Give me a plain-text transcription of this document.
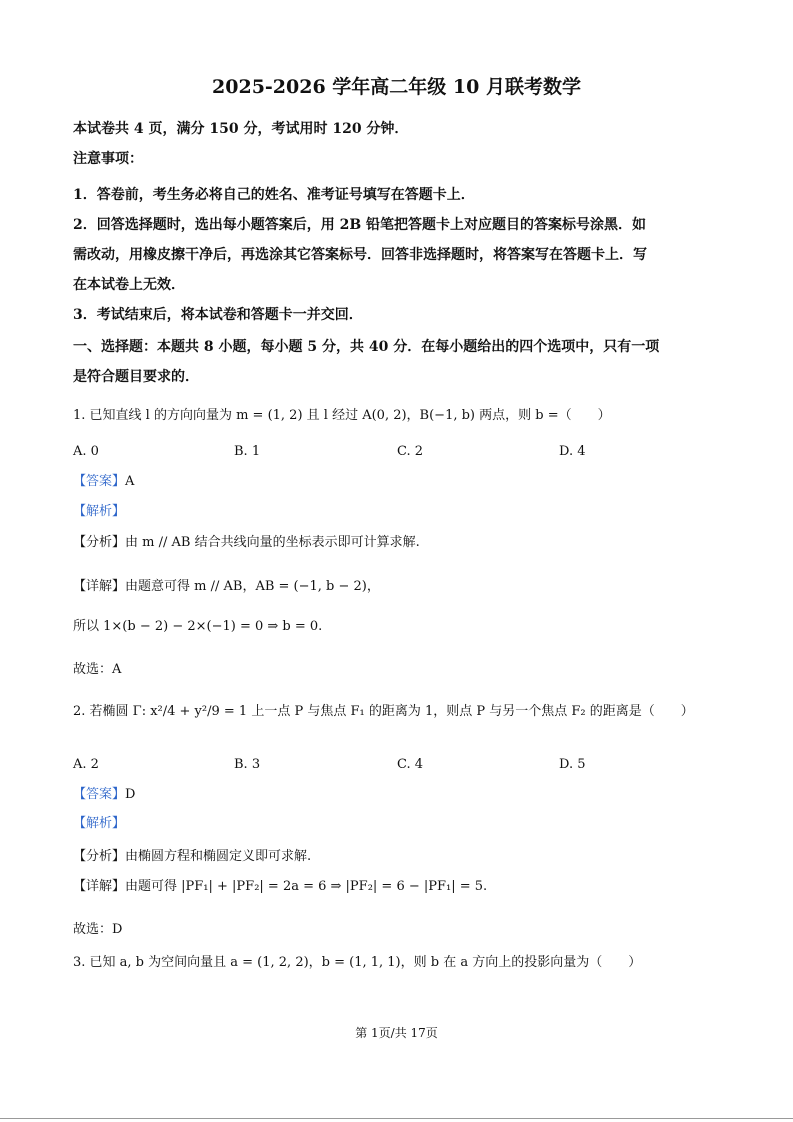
2025-2026 学年高二年级 10 月联考数学
本试卷共 4 页，满分 150 分，考试用时 120 分钟．
注意事项：
1．答卷前，考生务必将自己的姓名、准考证号填写在答题卡上．
2．回答选择题时，选出每小题答案后，用 2B 铅笔把答题卡上对应题目的答案标号涂黑．如
需改动，用橡皮擦干净后，再选涂其它答案标号．回答非选择题时，将答案写在答题卡上．写
在本试卷上无效．
3．考试结束后，将本试卷和答题卡一并交回．
一、选择题：本题共 8 小题，每小题 5 分，共 40 分．在每小题给出的四个选项中，只有一项
是符合题目要求的．
1. 已知直线 l 的方向向量为 m = (1, 2) 且 l 经过 A(0, 2)，B(−1, b) 两点，则 b =（　　）
A. 0	B. 1	C. 2	D. 4
【答案】A
【解析】
【分析】由 m // AB 结合共线向量的坐标表示即可计算求解.
【详解】由题意可得 m // AB，AB = (−1, b − 2)，
所以 1×(b − 2) − 2×(−1) = 0 ⇒ b = 0.
故选：A
2. 若椭圆 Γ: x²/4 + y²/9 = 1 上一点 P 与焦点 F₁ 的距离为 1，则点 P 与另一个焦点 F₂ 的距离是（　　）
A. 2	B. 3	C. 4	D. 5
【答案】D
【解析】
【分析】由椭圆方程和椭圆定义即可求解.
【详解】由题可得 |PF₁| + |PF₂| = 2a = 6 ⇒ |PF₂| = 6 − |PF₁| = 5.
故选：D
3. 已知 a, b 为空间向量且 a = (1, 2, 2)，b = (1, 1, 1)，则 b 在 a 方向上的投影向量为（　　）
第 1页/共 17页
